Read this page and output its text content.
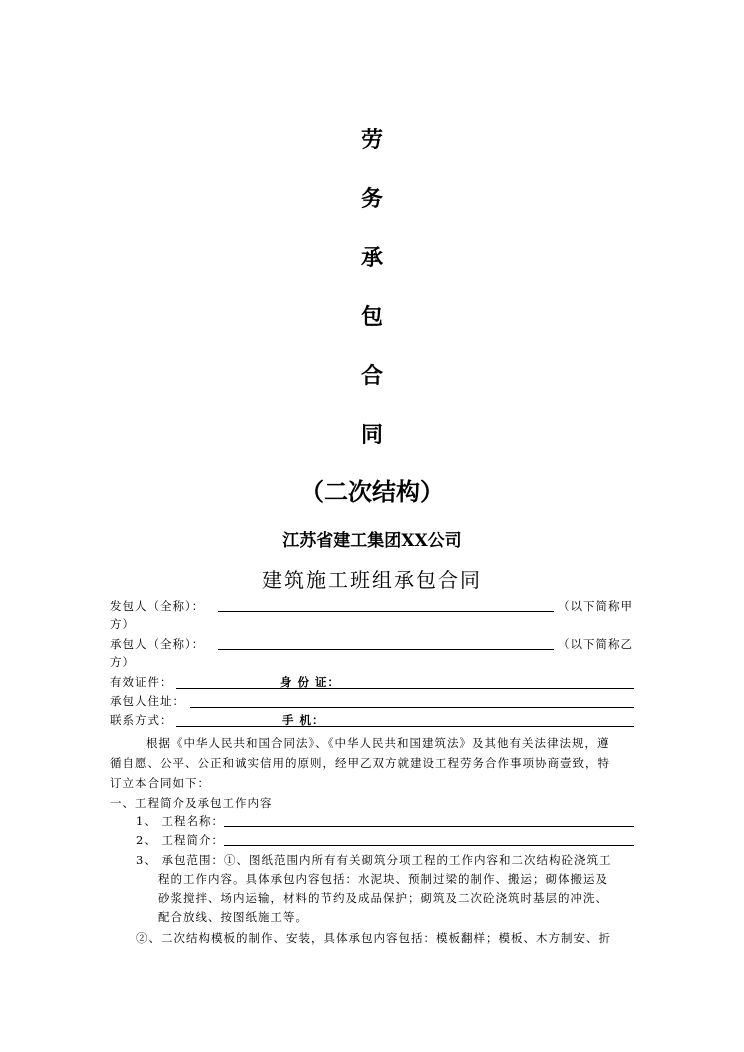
劳
务
承
包
合
同
（二次结构）
江苏省建工集团XX公司
建筑施工班组承包合同
发包人（全称）：	（以下简称甲
方）
承包人（全称）：	（以下简称乙
方）
有效证件：	身 份 证：
承包人住址：
联系方式：	手 机：
根据《中华人民共和国合同法》、《中华人民共和国建筑法》及其他有关法律法规，遵
循自愿、公平、公正和诚实信用的原则，经甲乙双方就建设工程劳务合作事项协商壹致，特
订立本合同如下：
一、工程简介及承包工作内容
1、 工程名称：
2、 工程简介：
3、 承包范围：①、图纸范围内所有有关砌筑分项工程的工作内容和二次结构砼浇筑工
程的工作内容。具体承包内容包括：水泥块、预制过梁的制作、搬运；砌体搬运及
砂浆搅拌、场内运输，材料的节约及成品保护；砌筑及二次砼浇筑时基层的冲洗、
配合放线、按图纸施工等。
②、二次结构模板的制作、安装，具体承包内容包括：模板翻样；模板、木方制安、折
